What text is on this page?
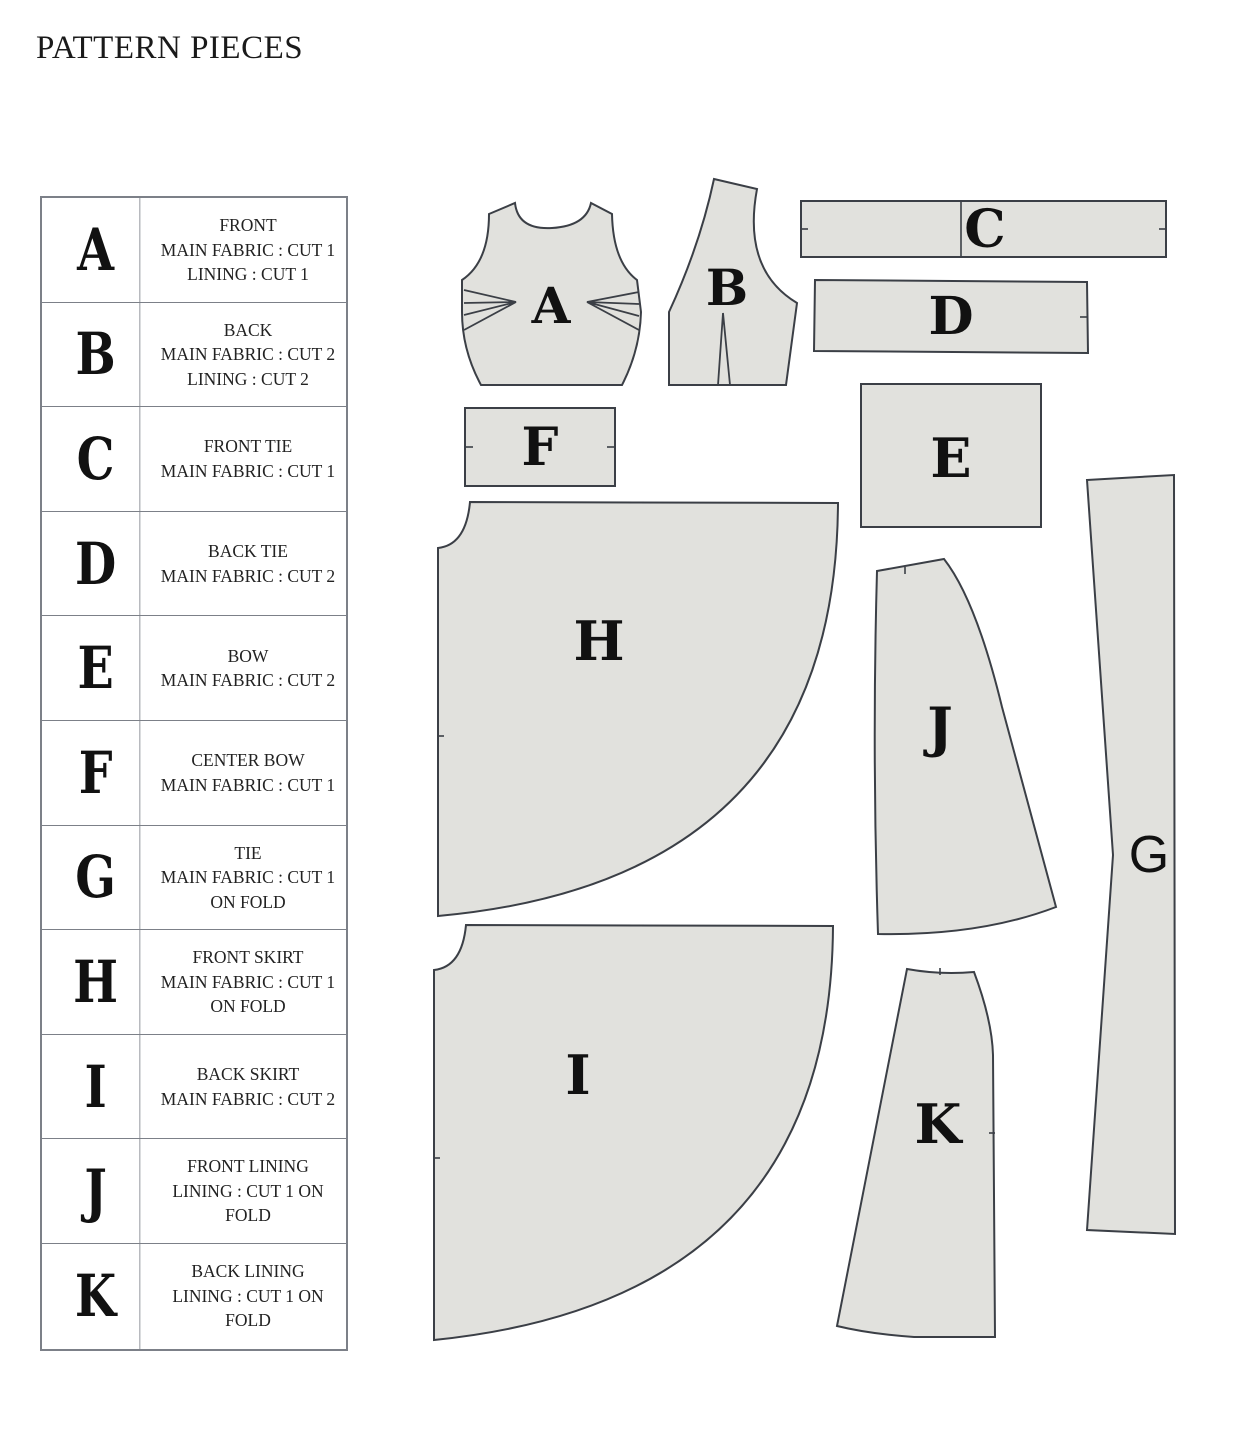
PATTERN PIECES
A	FRONT
MAIN FABRIC : CUT 1
LINING : CUT 1
B	BACK
MAIN FABRIC : CUT 2
LINING : CUT 2
C	FRONT TIE
MAIN FABRIC : CUT 1
D	BACK TIE
MAIN FABRIC : CUT 2
E	BOW
MAIN FABRIC : CUT 2
F	CENTER BOW
MAIN FABRIC : CUT 1
G	TIE
MAIN FABRIC : CUT 1
ON FOLD
H	FRONT SKIRT
MAIN FABRIC : CUT 1
ON FOLD
I	BACK SKIRT
MAIN FABRIC : CUT 2
J	FRONT LINING
LINING : CUT 1 ON
FOLD
K	BACK LINING
LINING : CUT 1 ON
FOLD
A	B
C
D
E
F
G
H
I
J
K
